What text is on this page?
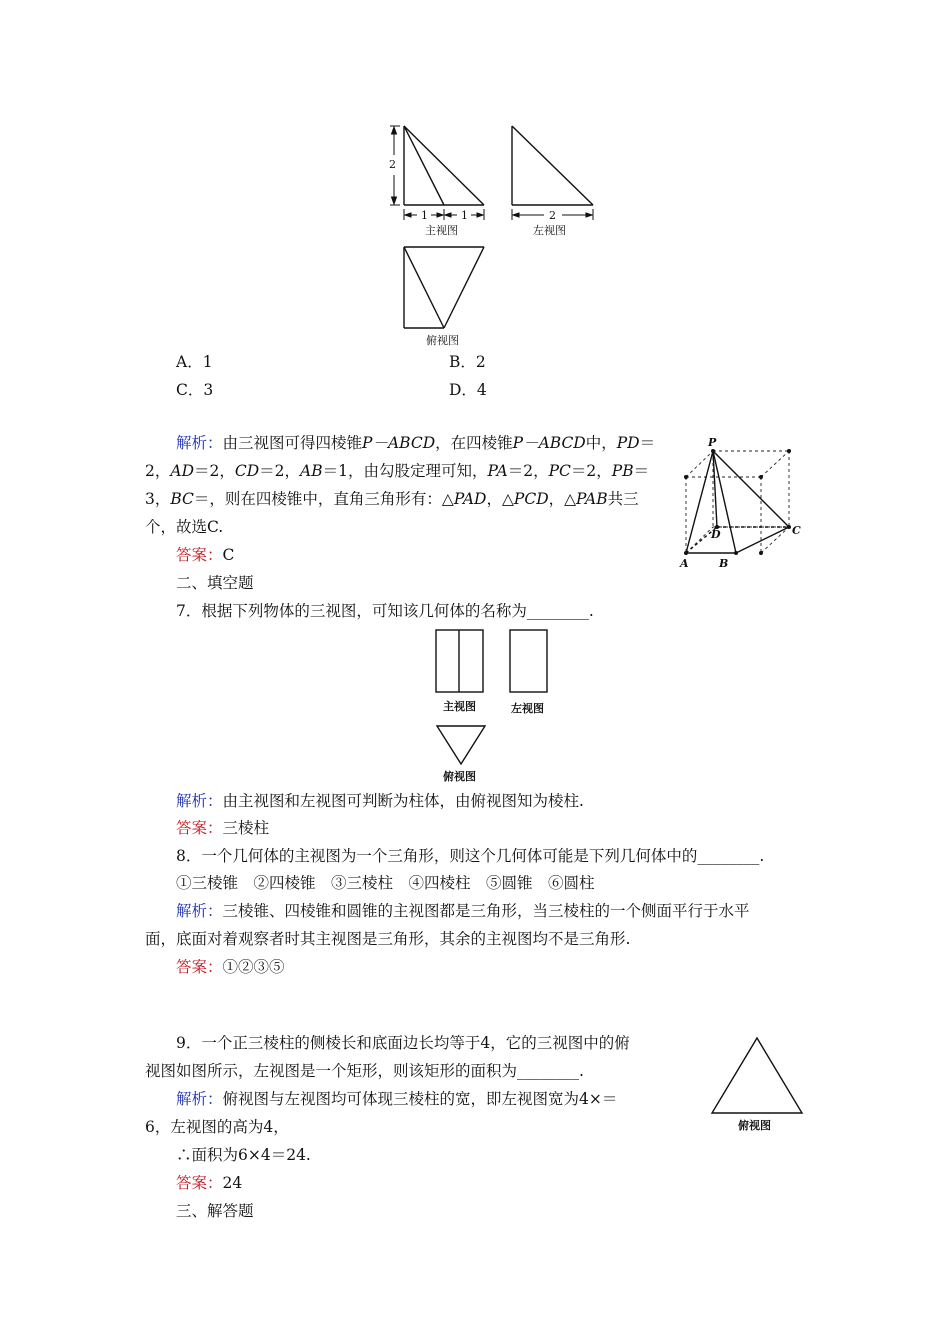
2
1	1	2
主视图	左视图
俯视图
A．1	B．2
C．3	D．4
解析：由三视图可得四棱锥P－ABCD，在四棱锥P－ABCD中，PD＝
2，AD＝2，CD＝2，AB＝1，由勾股定理可知，PA＝2，PC＝2，PB＝
3，BC＝，则在四棱锥中，直角三角形有：△PAD，△PCD，△PAB共三
个，故选C.
答案：C
P
D	C
A	B
二、填空题
7．根据下列物体的三视图，可知该几何体的名称为________.
主视图	左视图
俯视图
解析：由主视图和左视图可判断为柱体，由俯视图知为棱柱.
答案：三棱柱
8．一个几何体的主视图为一个三角形，则这个几何体可能是下列几何体中的________.
①三棱锥　②四棱锥　③三棱柱　④四棱柱　⑤圆锥　⑥圆柱
解析：三棱锥、四棱锥和圆锥的主视图都是三角形，当三棱柱的一个侧面平行于水平
面，底面对着观察者时其主视图是三角形，其余的主视图均不是三角形.
答案：①②③⑤
9．一个正三棱柱的侧棱长和底面边长均等于4，它的三视图中的俯
视图如图所示，左视图是一个矩形，则该矩形的面积为________.
解析：俯视图与左视图均可体现三棱柱的宽，即左视图宽为4×＝
6，左视图的高为4，
∴面积为6×4＝24.
答案：24
俯视图
三、解答题
